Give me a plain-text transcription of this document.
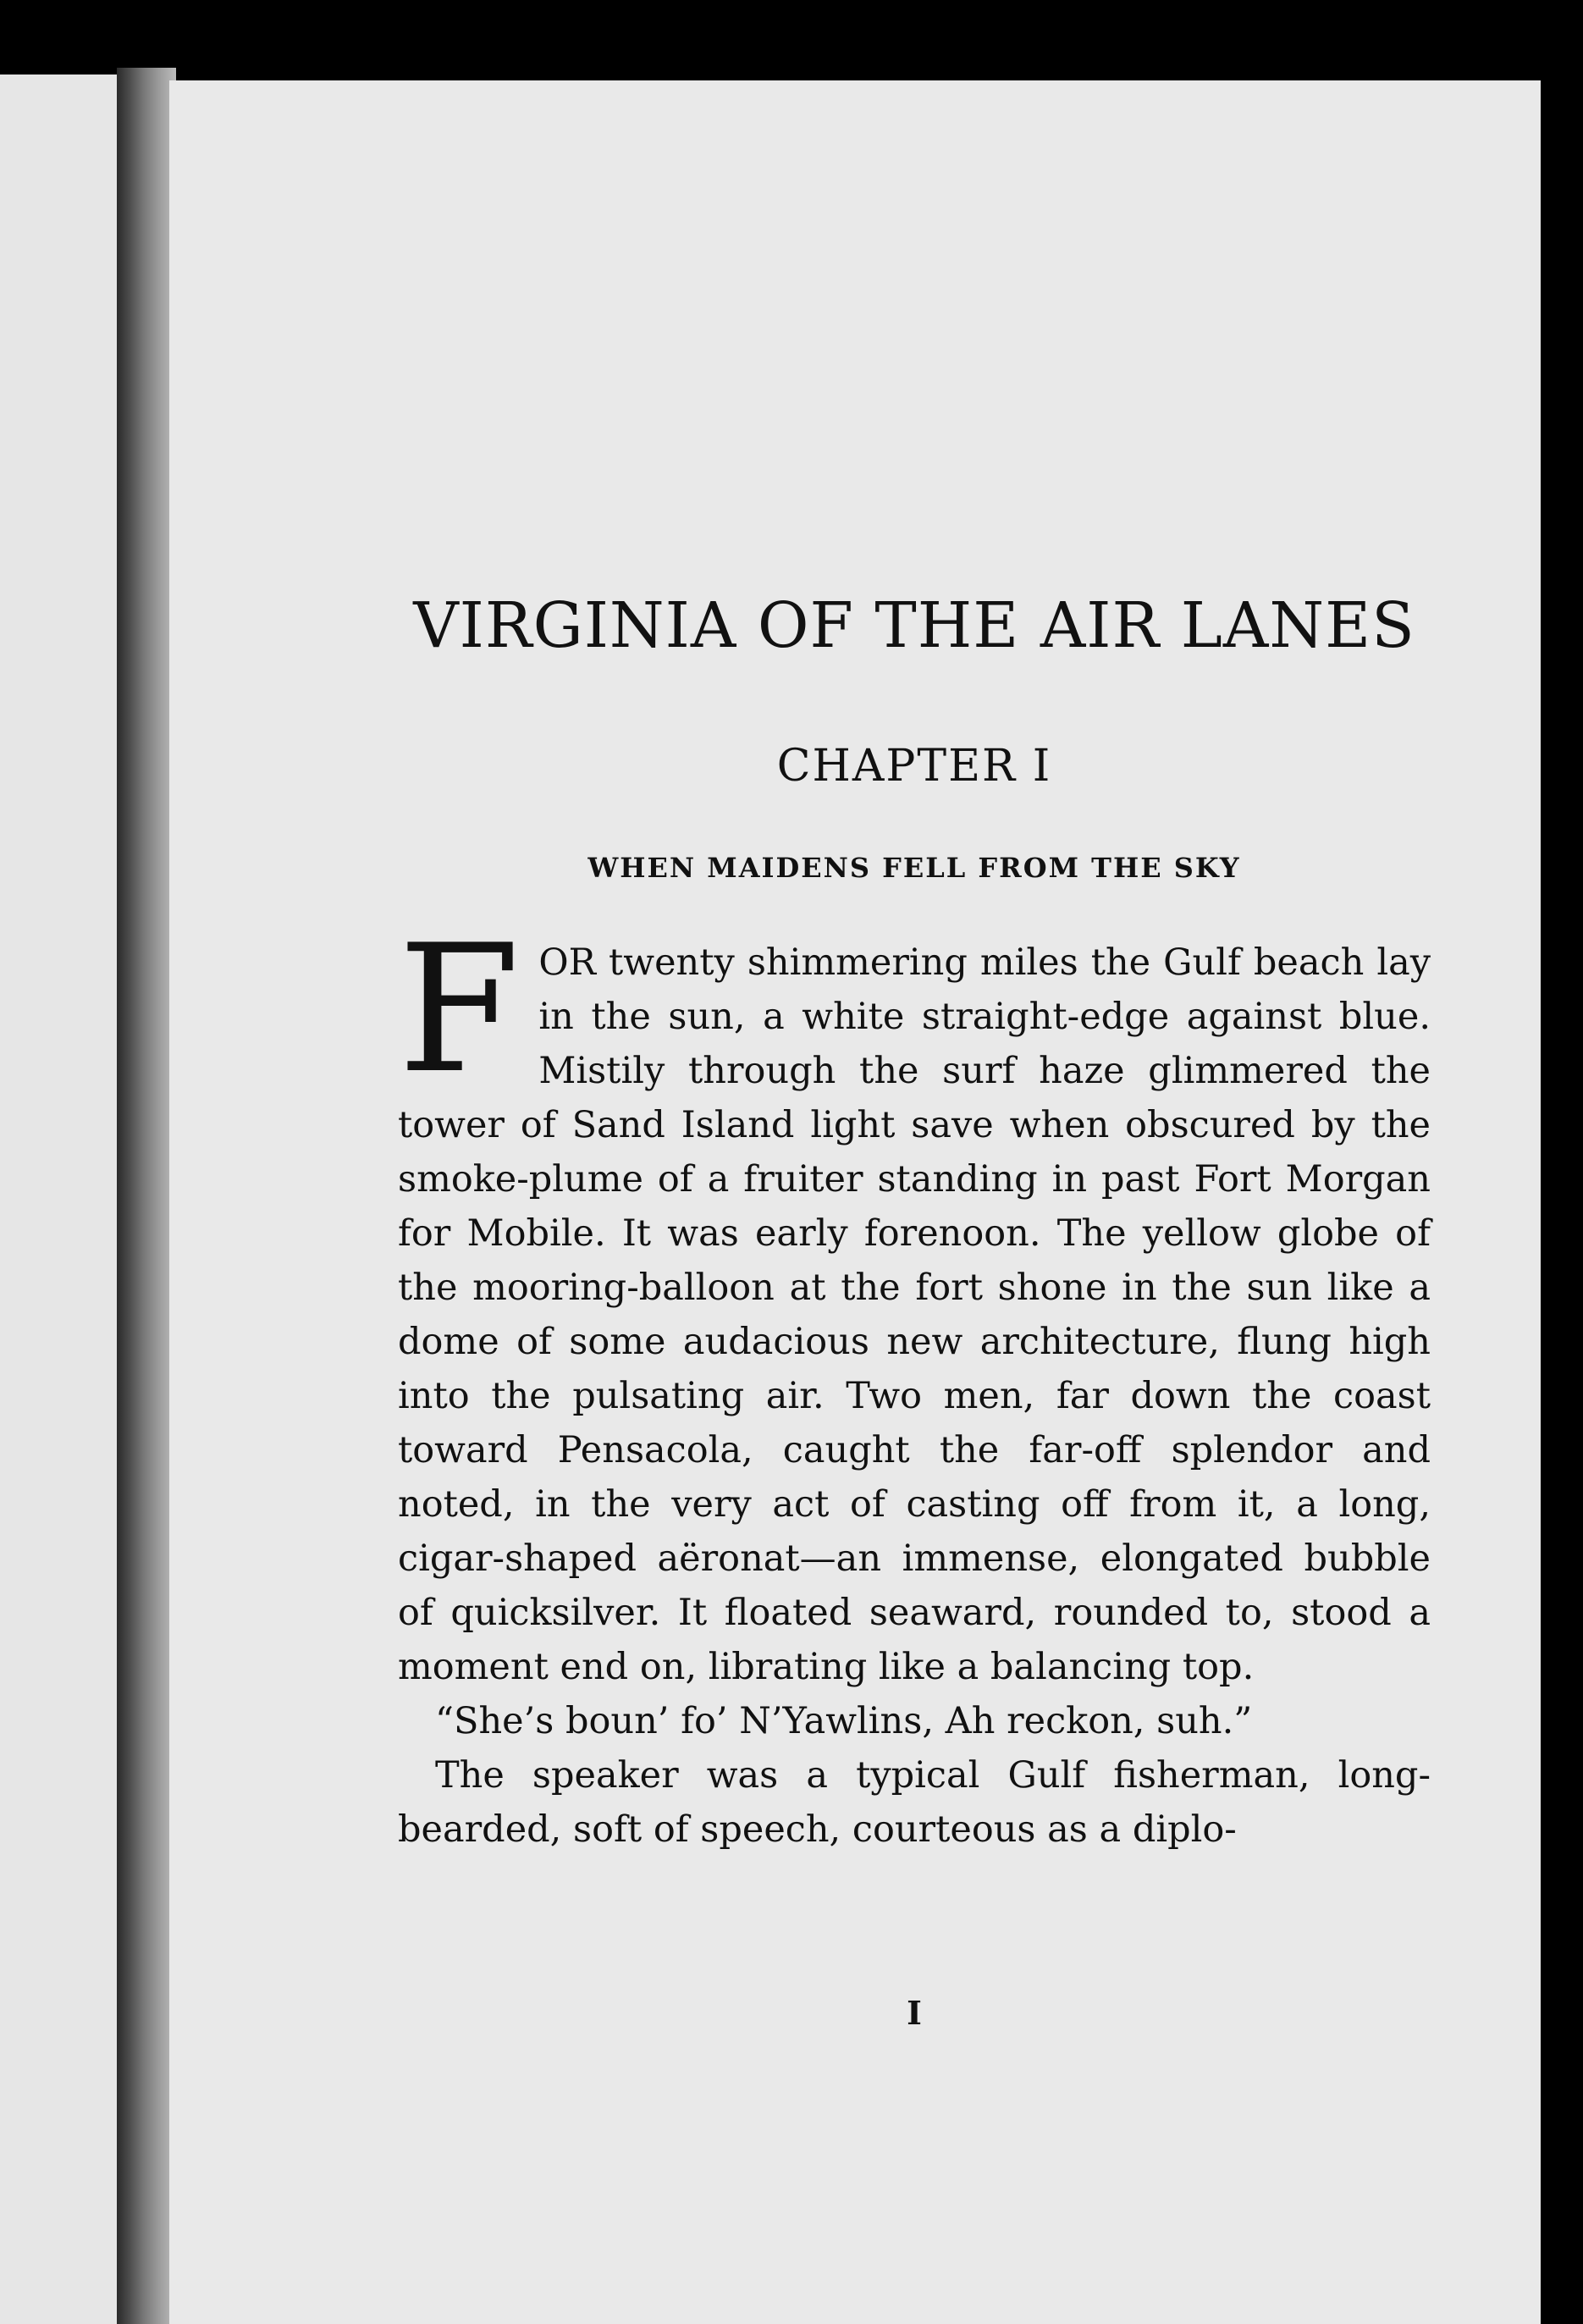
VIRGINIA OF THE AIR LANES
CHAPTER I
WHEN MAIDENS FELL FROM THE SKY

FOR twenty shimmering miles the Gulf beach lay in the sun, a white straight-edge against blue. Mistily through the surf haze glimmered the tower of Sand Island light save when obscured by the smoke-plume of a fruiter standing in past Fort Morgan for Mobile. It was early forenoon. The yellow globe of the mooring-balloon at the fort shone in the sun like a dome of some audacious new architecture, flung high into the pulsating air. Two men, far down the coast toward Pensacola, caught the far-off splendor and noted, in the very act of casting off from it, a long, cigar-shaped aëronat—an immense, elongated bubble of quicksilver. It floated seaward, rounded to, stood a moment end on, librating like a balancing top.

“She’s boun’ fo’ N’Yawlins, Ah reckon, suh.”

The speaker was a typical Gulf fisherman, long-bearded, soft of speech, courteous as a diplo-

I
